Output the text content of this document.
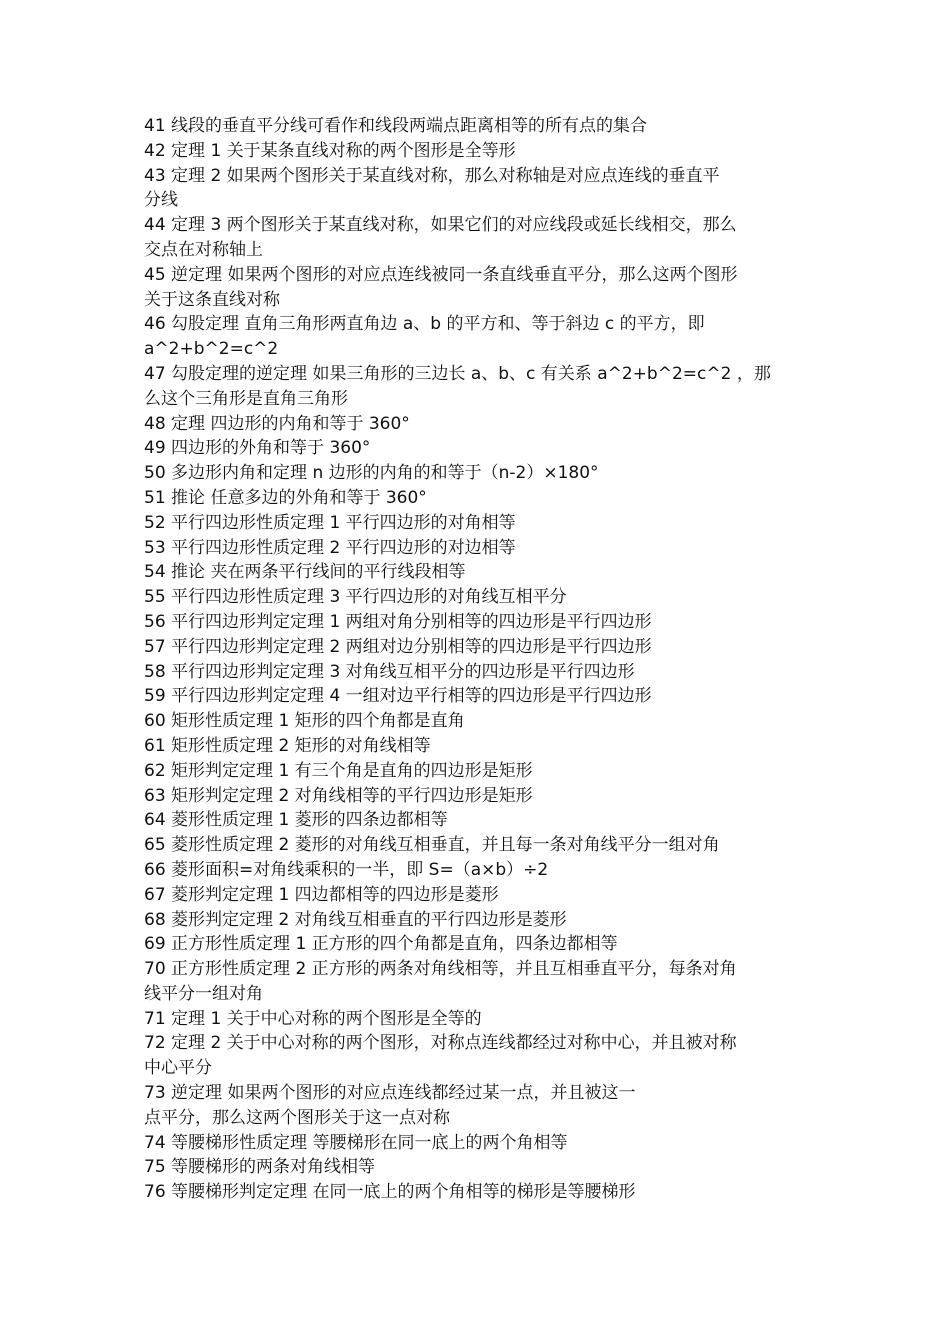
41 线段的垂直平分线可看作和线段两端点距离相等的所有点的集合
42 定理 1 关于某条直线对称的两个图形是全等形
43 定理 2 如果两个图形关于某直线对称，那么对称轴是对应点连线的垂直平
分线
44 定理 3 两个图形关于某直线对称，如果它们的对应线段或延长线相交，那么
交点在对称轴上
45 逆定理 如果两个图形的对应点连线被同一条直线垂直平分，那么这两个图形
关于这条直线对称
46 勾股定理 直角三角形两直角边 a、b 的平方和、等于斜边 c 的平方，即
a^2+b^2=c^2
47 勾股定理的逆定理 如果三角形的三边长 a、b、c 有关系 a^2+b^2=c^2 ，那
么这个三角形是直角三角形
48 定理 四边形的内角和等于 360°
49 四边形的外角和等于 360°
50 多边形内角和定理 n 边形的内角的和等于（n-2）×180°
51 推论 任意多边的外角和等于 360°
52 平行四边形性质定理 1 平行四边形的对角相等
53 平行四边形性质定理 2 平行四边形的对边相等
54 推论 夹在两条平行线间的平行线段相等
55 平行四边形性质定理 3 平行四边形的对角线互相平分
56 平行四边形判定定理 1 两组对角分别相等的四边形是平行四边形
57 平行四边形判定定理 2 两组对边分别相等的四边形是平行四边形
58 平行四边形判定定理 3 对角线互相平分的四边形是平行四边形
59 平行四边形判定定理 4 一组对边平行相等的四边形是平行四边形
60 矩形性质定理 1 矩形的四个角都是直角
61 矩形性质定理 2 矩形的对角线相等
62 矩形判定定理 1 有三个角是直角的四边形是矩形
63 矩形判定定理 2 对角线相等的平行四边形是矩形
64 菱形性质定理 1 菱形的四条边都相等
65 菱形性质定理 2 菱形的对角线互相垂直，并且每一条对角线平分一组对角
66 菱形面积=对角线乘积的一半，即 S=（a×b）÷2
67 菱形判定定理 1 四边都相等的四边形是菱形
68 菱形判定定理 2 对角线互相垂直的平行四边形是菱形
69 正方形性质定理 1 正方形的四个角都是直角，四条边都相等
70 正方形性质定理 2 正方形的两条对角线相等，并且互相垂直平分，每条对角
线平分一组对角
71 定理 1 关于中心对称的两个图形是全等的
72 定理 2 关于中心对称的两个图形，对称点连线都经过对称中心，并且被对称
中心平分
73 逆定理 如果两个图形的对应点连线都经过某一点，并且被这一
点平分，那么这两个图形关于这一点对称
74 等腰梯形性质定理 等腰梯形在同一底上的两个角相等
75 等腰梯形的两条对角线相等
76 等腰梯形判定定理 在同一底上的两个角相等的梯形是等腰梯形
